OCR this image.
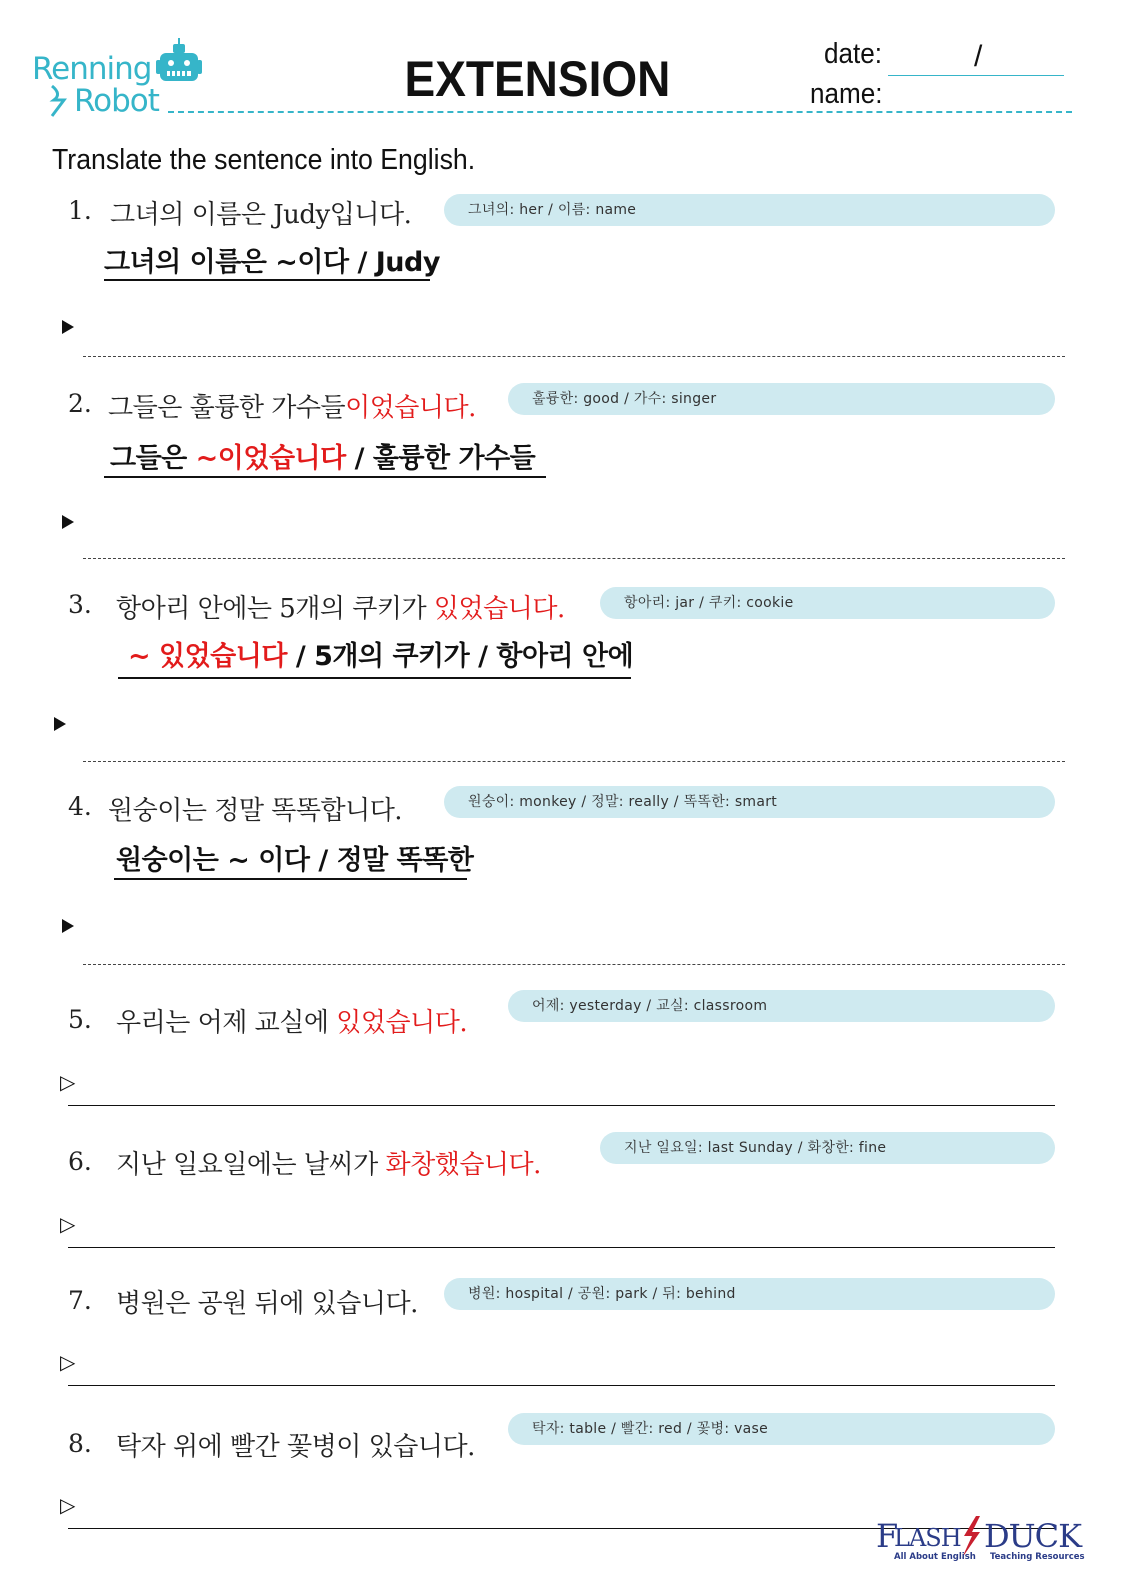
Renning
Robot	EXTENSION	date:	/
name:
Translate the sentence into English.
1. 그녀의 이름은 Judy입니다.	그녀의: her / 이름: name
그녀의 이름은 ~이다 / Judy
2. 그들은 훌륭한 가수들이었습니다.	훌륭한: good / 가수: singer
그들은 ~이었습니다 / 훌륭한 가수들
3. 항아리 안에는 5개의 쿠키가 있었습니다.	항아리: jar / 쿠키: cookie
~ 있었습니다 / 5개의 쿠키가 / 항아리 안에
4. 원숭이는 정말 똑똑합니다.	원숭이: monkey / 정말: really / 똑똑한: smart
원숭이는 ~ 이다 / 정말 똑똑한
5. 우리는 어제 교실에 있었습니다.
어제: yesterday / 교실: classroom
▷
6. 지난 일요일에는 날씨가 화창했습니다.
지난 일요일: last Sunday / 화창한: fine
▷
7. 병원은 공원 뒤에 있습니다.	병원: hospital / 공원: park / 뒤: behind
▷
8. 탁자 위에 빨간 꽃병이 있습니다.
탁자: table / 빨간: red / 꽃병: vase
▷
F
LASH DUCK
All About English Teaching Resources
